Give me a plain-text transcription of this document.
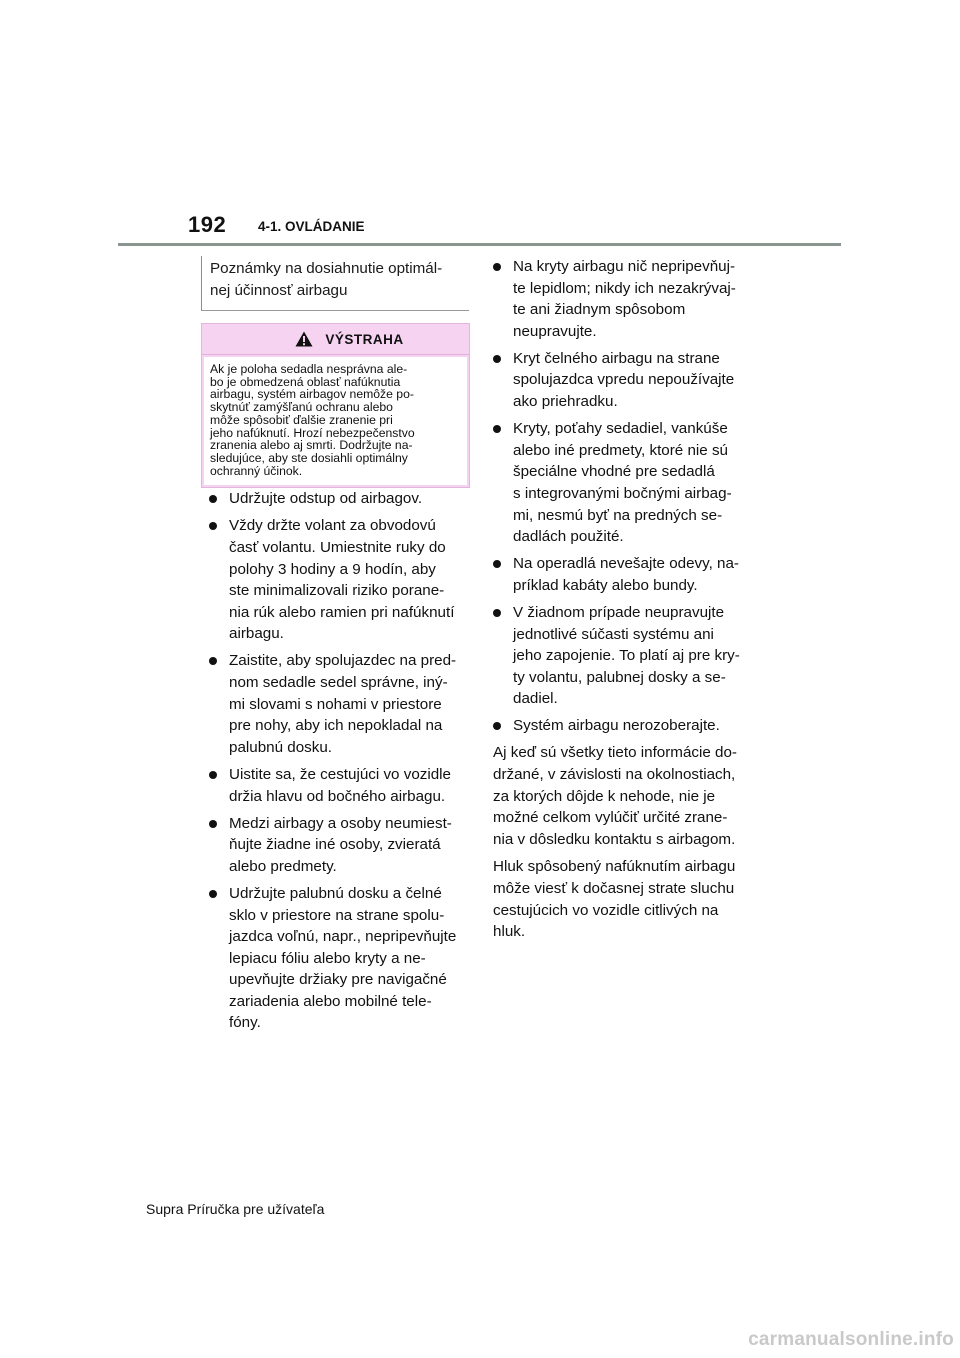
192 4-1. OVLÁDANIE
Poznámky na dosiahnutie optimál-
nej účinnosť airbagu
VÝSTRAHA
Ak je poloha sedadla nesprávna ale-
bo je obmedzená oblasť nafúknutia
airbagu, systém airbagov nemôže po-
skytnúť zamýšľanú ochranu alebo
môže spôsobiť ďalšie zranenie pri
jeho nafúknutí. Hrozí nebezpečenstvo
zranenia alebo aj smrti. Dodržujte na-
sledujúce, aby ste dosiahli optimálny
ochranný účinok.
Udržujte odstup od airbagov.
Vždy držte volant za obvodovú
časť volantu. Umiestnite ruky do
polohy 3 hodiny a 9 hodín, aby
ste minimalizovali riziko porane-
nia rúk alebo ramien pri nafúknutí
airbagu.
Zaistite, aby spolujazdec na pred-
nom sedadle sedel správne, iný-
mi slovami s nohami v priestore
pre nohy, aby ich nepokladal na
palubnú dosku.
Uistite sa, že cestujúci vo vozidle
držia hlavu od bočného airbagu.
Medzi airbagy a osoby neumiest-
ňujte žiadne iné osoby, zvieratá
alebo predmety.
Udržujte palubnú dosku a čelné
sklo v priestore na strane spolu-
jazdca voľnú, napr., nepripevňujte
lepiacu fóliu alebo kryty a ne-
upevňujte držiaky pre navigačné
zariadenia alebo mobilné tele-
fóny.
Na kryty airbagu nič nepripevňuj-
te lepidlom; nikdy ich nezakrývaj-
te ani žiadnym spôsobom
neupravujte.
Kryt čelného airbagu na strane
spolujazdca vpredu nepoužívajte
ako priehradku.
Kryty, poťahy sedadiel, vankúše
alebo iné predmety, ktoré nie sú
špeciálne vhodné pre sedadlá
s integrovanými bočnými airbag-
mi, nesmú byť na predných se-
dadlách použité.
Na operadlá nevešajte odevy, na-
príklad kabáty alebo bundy.
V žiadnom prípade neupravujte
jednotlivé súčasti systému ani
jeho zapojenie. To platí aj pre kry-
ty volantu, palubnej dosky a se-
dadiel.
Systém airbagu nerozoberajte.
Aj keď sú všetky tieto informácie do-
držané, v závislosti na okolnostiach,
za ktorých dôjde k nehode, nie je
možné celkom vylúčiť určité zrane-
nia v dôsledku kontaktu s airbagom.
Hluk spôsobený nafúknutím airbagu
môže viesť k dočasnej strate sluchu
cestujúcich vo vozidle citlivých na
hluk.
Supra Príručka pre užívateľa
carmanualsonline.info
